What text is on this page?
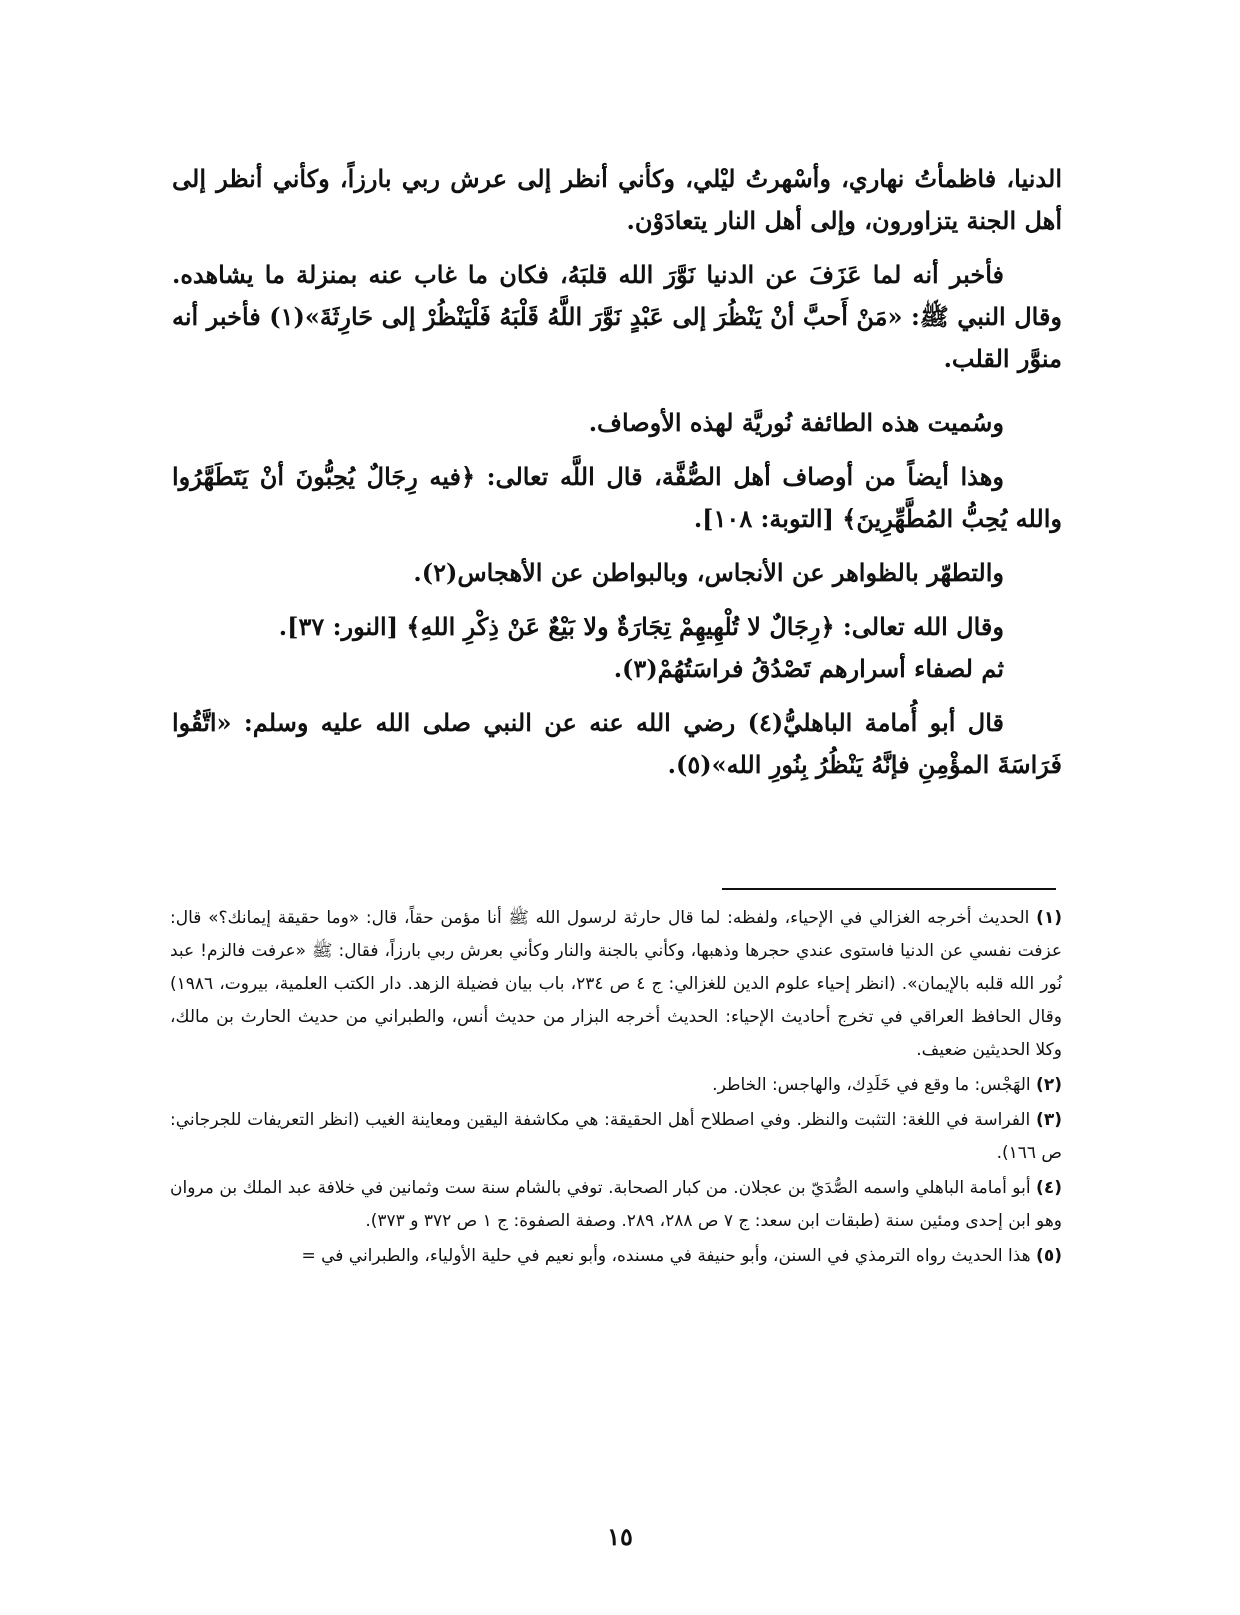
الدنيا، فاظمأتُ نهاري، وأسْهرتُ ليْلي، وكأني أنظر إلى عرش ربي بارزاً، وكأني أنظر إلى أهل الجنة يتزاورون، وإلى أهل النار يتعادَوْن.

فأخبر أنه لما عَزَفَ عن الدنيا نَوَّرَ الله قلبَهُ، فكان ما غاب عنه بمنزلة ما يشاهده. وقال النبي ﷺ: «مَنْ أَحبَّ أنْ يَنْظُرَ إلى عَبْدٍ نَوَّرَ اللَّهُ قَلْبَهُ فَلْيَنْظُرْ إلى حَارِثَةَ»(١) فأخبر أنه منوَّر القلب.

وسُميت هذه الطائفة نُوريَّة لهذه الأوصاف.

وهذا أيضاً من أوصاف أهل الصُّفَّة، قال اللَّه تعالى: ﴿فيه رِجَالٌ يُحِبُّونَ أنْ يَتَطَهَّرُوا والله يُحِبُّ المُطَّهِّرِينَ﴾ [التوبة: ١٠٨].

والتطهّر بالظواهر عن الأنجاس، وبالبواطن عن الأهجاس(٢).

وقال الله تعالى: ﴿رِجَالٌ لا تُلْهِيهِمْ تِجَارَةٌ ولا بَيْعٌ عَنْ ذِكْرِ اللهِ﴾ [النور: ٣٧].

ثم لصفاء أسرارهم تَصْدُقُ فراسَتُهُمْ(٣).

قال أبو أُمامة الباهليُّ(٤) رضي الله عنه عن النبي صلى الله عليه وسلم: «اتَّقُوا فَرَاسَةَ المؤْمِنِ فإنَّهُ يَنْظُرُ بِنُورِ الله»(٥).

(١) الحديث أخرجه الغزالي في الإحياء، ولفظه: لما قال حارثة لرسول الله ﷺ أنا مؤمن حقاً، قال: «وما حقيقة إيمانك؟» قال: عزفت نفسي عن الدنيا فاستوى عندي حجرها وذهبها، وكأني بالجنة والنار وكأني بعرش ربي بارزاً، فقال: ﷺ «عرفت فالزم! عبد نُور الله قلبه بالإيمان». (انظر إحياء علوم الدين للغزالي: ج ٤ ص ٢٣٤، باب بيان فضيلة الزهد. دار الكتب العلمية، بيروت، ١٩٨٦) وقال الحافظ العراقي في تخرج أحاديث الإحياء: الحديث أخرجه البزار من حديث أنس، والطبراني من حديث الحارث بن مالك، وكلا الحديثين ضعيف.
(٢) الهَجْس: ما وقع في خَلَدِك، والهاجس: الخاطر.
(٣) الفراسة في اللغة: التثبت والنظر. وفي اصطلاح أهل الحقيقة: هي مكاشفة اليقين ومعاينة الغيب (انظر التعريفات للجرجاني: ص ١٦٦).
(٤) أبو أمامة الباهلي واسمه الصُّدَيّ بن عجلان. من كبار الصحابة. توفي بالشام سنة ست وثمانين في خلافة عبد الملك بن مروان وهو ابن إحدى ومئين سنة (طبقات ابن سعد: ج ٧ ص ٢٨٨، ٢٨٩. وصفة الصفوة: ج ١ ص ٣٧٢ و ٣٧٣).
(٥) هذا الحديث رواه الترمذي في السنن، وأبو حنيفة في مسنده، وأبو نعيم في حلية الأولياء، والطبراني في =
١٥
